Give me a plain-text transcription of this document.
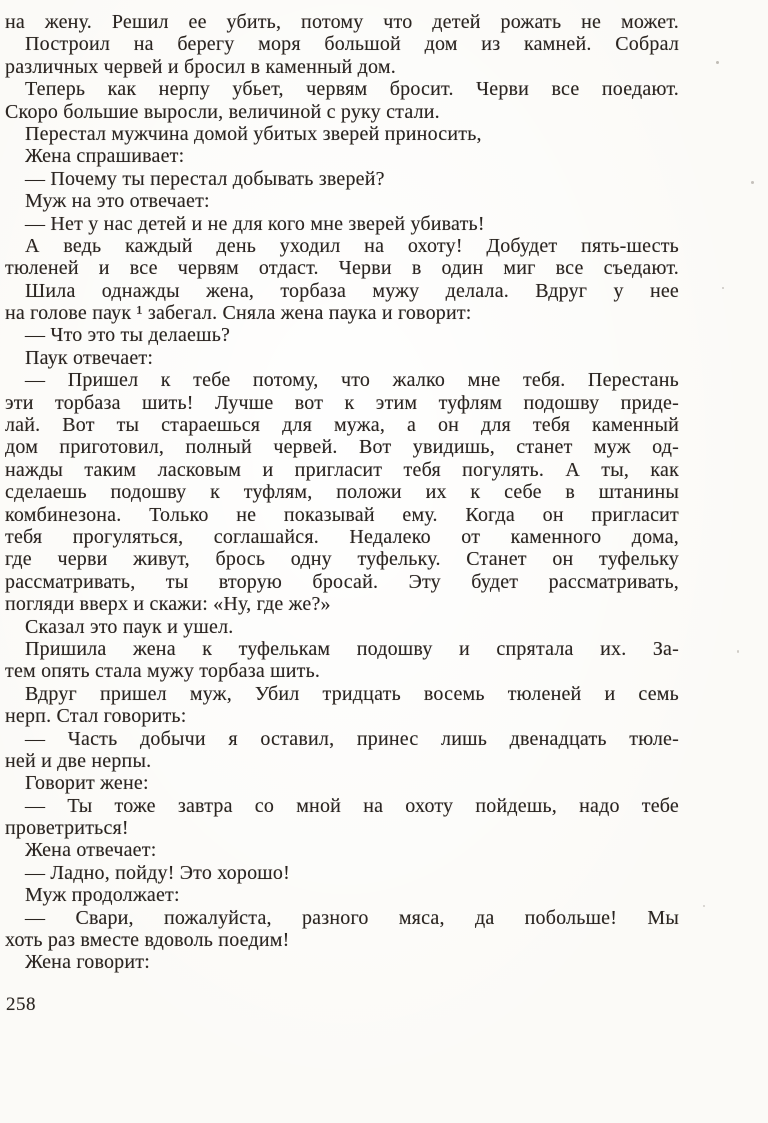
на жену. Решил ее убить, потому что детей рожать не может.
Построил на берегу моря большой дом из камней. Собрал
различных червей и бросил в каменный дом.
Теперь как нерпу убьет, червям бросит. Черви все поедают.
Скоро большие выросли, величиной с руку стали.
Перестал мужчина домой убитых зверей приносить,
Жена спрашивает:
— Почему ты перестал добывать зверей?
Муж на это отвечает:
— Нет у нас детей и не для кого мне зверей убивать!
А ведь каждый день уходил на охоту! Добудет пять-шесть
тюленей и все червям отдаст. Черви в один миг все съедают.
Шила однажды жена, торбаза мужу делала. Вдруг у нее
на голове паук ¹ забегал. Сняла жена паука и говорит:
— Что это ты делаешь?
Паук отвечает:
— Пришел к тебе потому, что жалко мне тебя. Перестань
эти торбаза шить! Лучше вот к этим туфлям подошву приде-
лай. Вот ты стараешься для мужа, а он для тебя каменный
дом приготовил, полный червей. Вот увидишь, станет муж од-
нажды таким ласковым и пригласит тебя погулять. А ты, как
сделаешь подошву к туфлям, положи их к себе в штанины
комбинезона. Только не показывай ему. Когда он пригласит
тебя прогуляться, соглашайся. Недалеко от каменного дома,
где черви живут, брось одну туфельку. Станет он туфельку
рассматривать, ты вторую бросай. Эту будет рассматривать,
погляди вверх и скажи: «Ну, где же?»
Сказал это паук и ушел.
Пришила жена к туфелькам подошву и спрятала их. За-
тем опять стала мужу торбаза шить.
Вдруг пришел муж, Убил тридцать восемь тюленей и семь
нерп. Стал говорить:
— Часть добычи я оставил, принес лишь двенадцать тюле-
ней и две нерпы.
Говорит жене:
— Ты тоже завтра со мной на охоту пойдешь, надо тебе
проветриться!
Жена отвечает:
— Ладно, пойду! Это хорошо!
Муж продолжает:
— Свари, пожалуйста, разного мяса, да побольше! Мы
хоть раз вместе вдоволь поедим!
Жена говорит:
258
